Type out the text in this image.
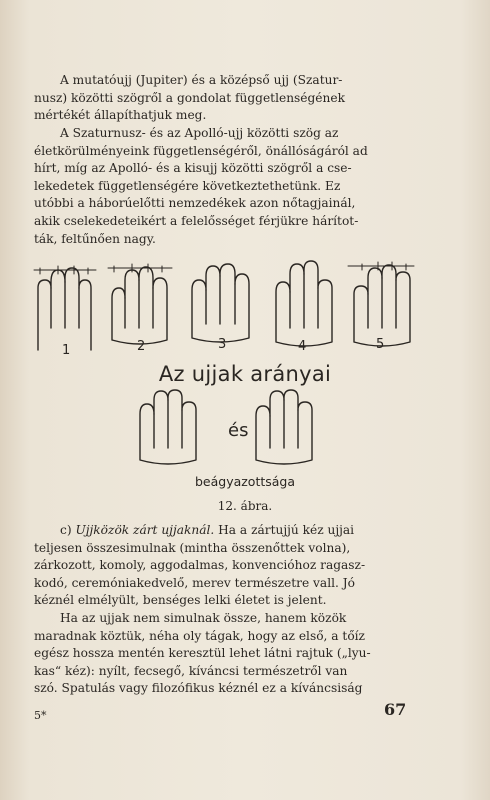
A mutatóujj (Jupiter) és a középső ujj (Szatur-
nusz) közötti szögről a gondolat függetlenségének
mértékét állapíthatjuk meg.
A Szaturnusz- és az Apolló-ujj közötti szög az
életkörülményeink függetlenségéről, önállóságáról ad
hírt, míg az Apolló- és a kisujj közötti szögről a cse-
lekedetek függetlenségére következtethetünk. Ez
utóbbi a háborúelőtti nemzedékek azon nőtagjainál,
akik cselekedeteikért a felelősséget férjükre hárítot-
ták, feltűnően nagy.
1	2	3	4	5
Az ujjak arányai
és
beágyazottsága
12. ábra.
c) Ujjközök zárt ujjaknál. Ha a zártujjú kéz ujjai
teljesen összesimulnak (mintha összenőttek volna),
zárkozott, komoly, aggodalmas, konvencióhoz ragasz-
kodó, ceremóniakedvelő, merev természetre vall. Jó
kéznél elmélyült, benséges lelki életet is jelent.
Ha az ujjak nem simulnak össze, hanem közök
maradnak köztük, néha oly tágak, hogy az első, a tőíz
egész hossza mentén keresztül lehet látni rajtuk („lyu-
kas“ kéz): nyílt, fecsegő, kíváncsi természetről van
szó. Spatulás vagy filozófikus kéznél ez a kíváncsiság
5*	67
